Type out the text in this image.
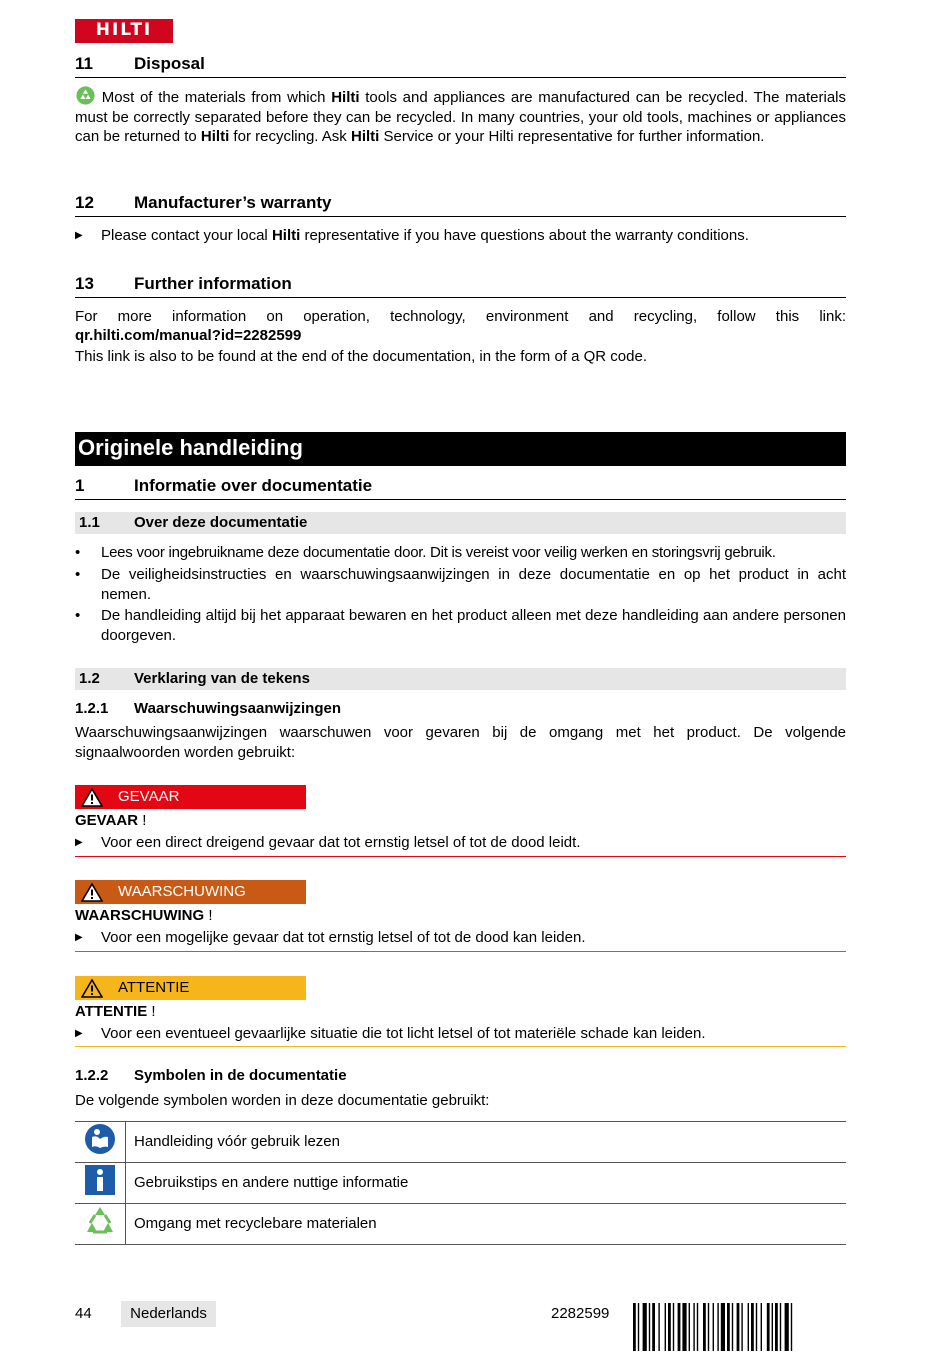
HILTI
11 Disposal
Most of the materials from which Hilti tools and appliances are manufactured can be recycled. The materials must be correctly separated before they can be recycled. In many countries, your old tools, machines or appliances can be returned to Hilti for recycling. Ask Hilti Service or your Hilti representative for further information.
12 Manufacturer’s warranty
▶ Please contact your local Hilti representative if you have questions about the warranty conditions.
13 Further information
For more information on operation, technology, environment and recycling, follow this link:
qr.hilti.com/manual?id=2282599
This link is also to be found at the end of the documentation, in the form of a QR code.
Originele handleiding
1	Informatie over documentatie
1.1 Over deze documentatie
• Lees voor ingebruikname deze documentatie door. Dit is vereist voor veilig werken en storingsvrij gebruik.
• De veiligheidsinstructies en waarschuwingsaanwijzingen in deze documentatie en op het product in acht nemen.
• De handleiding altijd bij het apparaat bewaren en het product alleen met deze handleiding aan andere personen doorgeven.
1.2 Verklaring van de tekens
1.2.1 Waarschuwingsaanwijzingen
Waarschuwingsaanwijzingen waarschuwen voor gevaren bij de omgang met het product. De volgende signaalwoorden worden gebruikt:
GEVAAR
GEVAAR !
▶ Voor een direct dreigend gevaar dat tot ernstig letsel of tot de dood leidt.
WAARSCHUWING
WAARSCHUWING !
▶ Voor een mogelijke gevaar dat tot ernstig letsel of tot de dood kan leiden.
ATTENTIE
ATTENTIE !
▶ Voor een eventueel gevaarlijke situatie die tot licht letsel of tot materiële schade kan leiden.
1.2.2 Symbolen in de documentatie
De volgende symbolen worden in deze documentatie gebruikt:
	Handleiding vóór gebruik lezen
	Gebruikstips en andere nuttige informatie
	Omgang met recyclebare materialen
44	Nederlands	2282599
